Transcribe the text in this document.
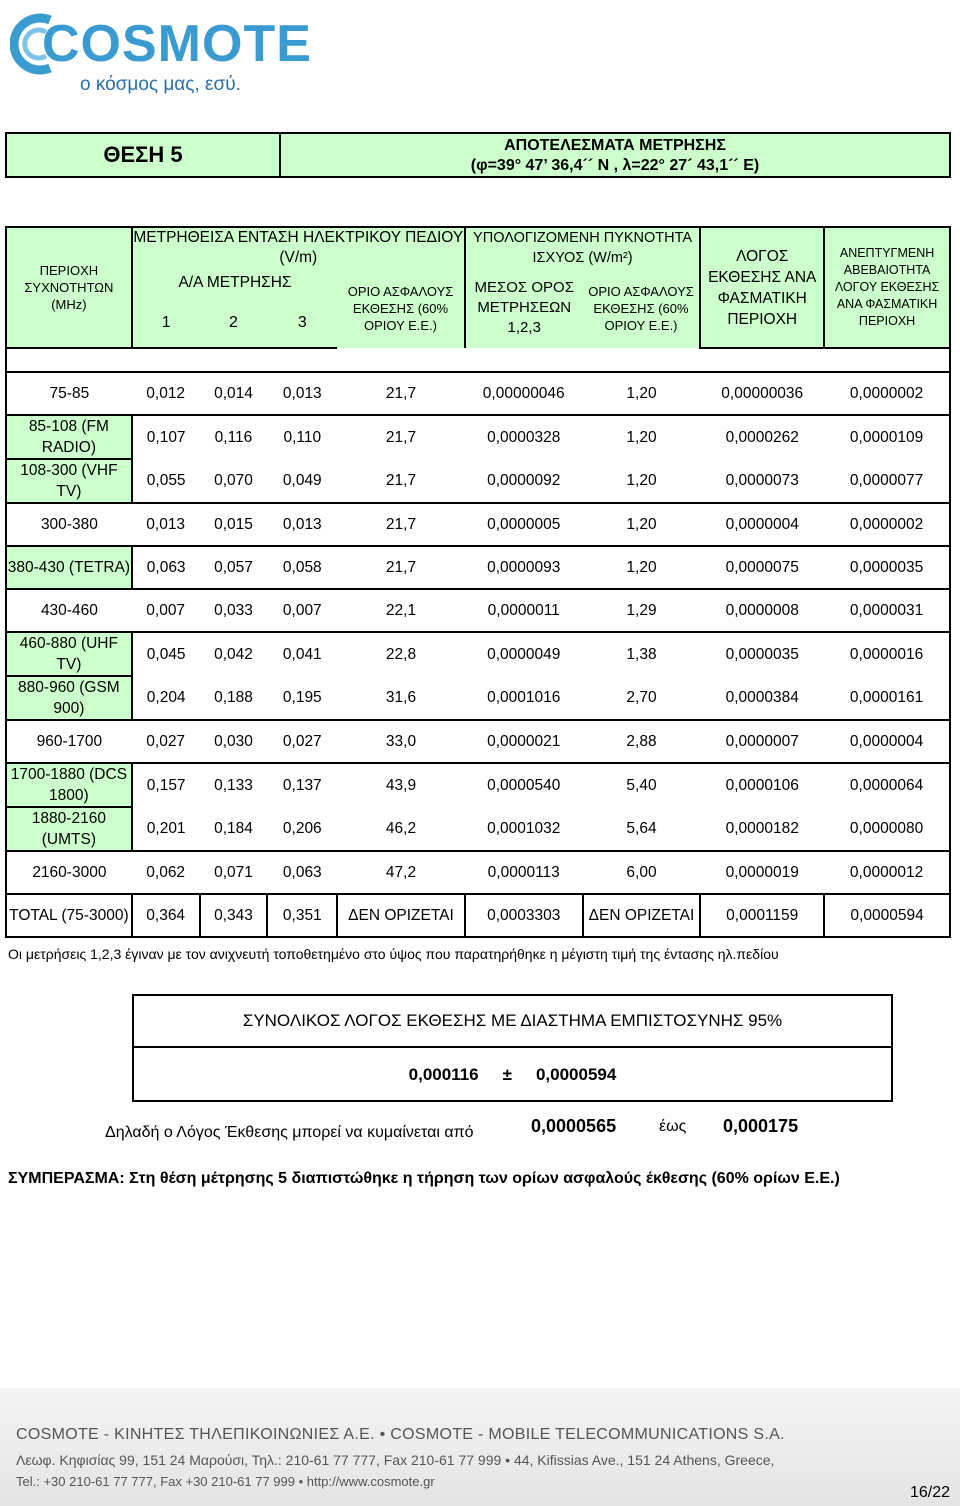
COSMOTE
ο κόσμος μας, εσύ.
ΘΕΣΗ 5	ΑΠΟΤΕΛΕΣΜΑΤΑ ΜΕΤΡΗΣΗΣ
(φ=39° 47’ 36,4´´ N , λ=22° 27´ 43,1´´ E)
ΠΕΡΙΟΧΗ ΣΥΧΝΟΤΗΤΩΝ (MHz)	ΜΕΤΡΗΘΕΙΣΑ ΕΝΤΑΣΗ ΗΛΕΚΤΡΙΚΟΥ ΠΕΔΙΟΥ (V/m)				ΥΠΟΛΟΓΙΖΟΜΕΝΗ ΠΥΚΝΟΤΗΤΑ ΙΣΧΥΟΣ (W/m²)		ΛΟΓΟΣ ΕΚΘΕΣΗΣ ΑΝΑ ΦΑΣΜΑΤΙΚΗ ΠΕΡΙΟΧΗ	ΑΝΕΠΤΥΓΜΕΝΗ ΑΒΕΒΑΙΟΤΗΤΑ ΛΟΓΟΥ ΕΚΘΕΣΗΣ ΑΝΑ ΦΑΣΜΑΤΙΚΗ ΠΕΡΙΟΧΗ
	Α/Α ΜΕΤΡΗΣΗΣ			ΟΡΙΟ ΑΣΦΑΛΟΥΣ ΕΚΘΕΣΗΣ (60% ΟΡΙΟΥ Ε.Ε.)	ΜΕΣΟΣ ΟΡΟΣ ΜΕΤΡΗΣΕΩΝ 1,2,3	ΟΡΙΟ ΑΣΦΑΛΟΥΣ ΕΚΘΕΣΗΣ (60% ΟΡΙΟΥ Ε.Ε.)		
	1	2	3					

75-85	0,012	0,014	0,013	21,7	0,00000046	1,20	0,00000036	0,0000002
85-108 (FM RADIO)	0,107	0,116	0,110	21,7	0,0000328	1,20	0,0000262	0,0000109
108-300 (VHF TV)	0,055	0,070	0,049	21,7	0,0000092	1,20	0,0000073	0,0000077
300-380	0,013	0,015	0,013	21,7	0,0000005	1,20	0,0000004	0,0000002
380-430 (TETRA)	0,063	0,057	0,058	21,7	0,0000093	1,20	0,0000075	0,0000035
430-460	0,007	0,033	0,007	22,1	0,0000011	1,29	0,0000008	0,0000031
460-880 (UHF TV)	0,045	0,042	0,041	22,8	0,0000049	1,38	0,0000035	0,0000016
880-960 (GSM 900)	0,204	0,188	0,195	31,6	0,0001016	2,70	0,0000384	0,0000161
960-1700	0,027	0,030	0,027	33,0	0,0000021	2,88	0,0000007	0,0000004
1700-1880 (DCS 1800)	0,157	0,133	0,137	43,9	0,0000540	5,40	0,0000106	0,0000064
1880-2160 (UMTS)	0,201	0,184	0,206	46,2	0,0001032	5,64	0,0000182	0,0000080
2160-3000	0,062	0,071	0,063	47,2	0,0000113	6,00	0,0000019	0,0000012
TOTAL (75-3000)	0,364	0,343	0,351	ΔΕΝ ΟΡΙΖΕΤΑΙ	0,0003303	ΔΕΝ ΟΡΙΖΕΤΑΙ	0,0001159	0,0000594
Οι μετρήσεις 1,2,3 έγιναν με τον ανιχνευτή τοποθετημένο στο ύψος που παρατηρήθηκε η μέγιστη τιμή της έντασης ηλ.πεδίου
ΣΥΝΟΛΙΚΟΣ ΛΟΓΟΣ ΕΚΘΕΣΗΣ ΜΕ ΔΙΑΣΤΗΜΑ ΕΜΠΙΣΤΟΣΥΝΗΣ 95%
0,000116 ± 0,0000594
Δηλαδή ο Λόγος Έκθεσης μπορεί να κυμαίνεται από	0,0000565	έως 0,000175
ΣΥΜΠΕΡΑΣΜΑ: Στη θέση μέτρησης 5 διαπιστώθηκε η τήρηση των ορίων ασφαλούς έκθεσης (60% ορίων Ε.Ε.)
COSMOTE - ΚΙΝΗΤΕΣ ΤΗΛΕΠΙΚΟΙΝΩΝΙΕΣ Α.Ε. • COSMOTE - MOBILE TELECOMMUNICATIONS S.A.
Λεωφ. Κηφισίας 99, 151 24 Μαρούσι, Τηλ.: 210-61 77 777, Fax 210-61 77 999 • 44, Kifissias Ave., 151 24 Athens, Greece,
Tel.: +30 210-61 77 777, Fax +30 210-61 77 999 • http://www.cosmote.gr
16/22
